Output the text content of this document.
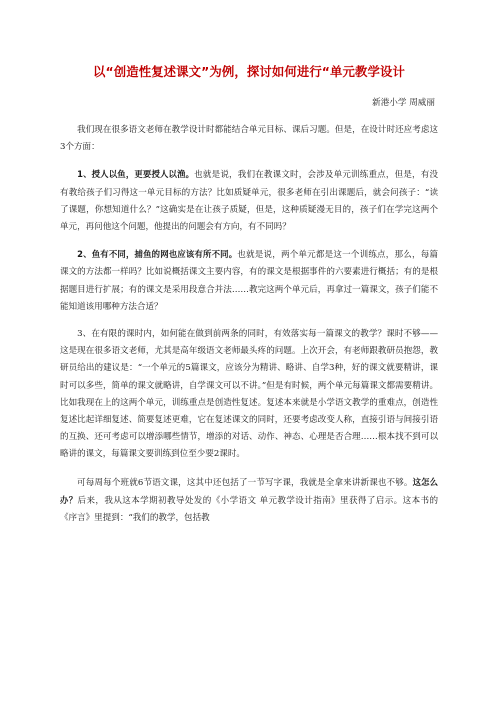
以“创造性复述课文”为例，探讨如何进行“单元教学设计
新港小学 周威丽

我们现在很多语文老师在教学设计时都能结合单元目标、课后习题。但是，在设计时还应考虑这3个方面：

1、授人以鱼，更要授人以渔。也就是说，我们在教课文时，会涉及单元训练重点，但是，有没有教给孩子们习得这一单元目标的方法？比如质疑单元，很多老师在引出课题后，就会问孩子：“读了课题，你想知道什么？”这确实是在让孩子质疑，但是，这种质疑漫无目的，孩子们在学完这两个单元，再问他这个问题，他提出的问题会有方向，有不同吗？

2、鱼有不同，捕鱼的网也应该有所不同。也就是说，两个单元都是这一个训练点，那么，每篇课文的方法都一样吗？比如说概括课文主要内容，有的课文是根据事件的六要素进行概括；有的是根据题目进行扩展；有的课文是采用段意合并法……教完这两个单元后，再拿过一篇课文，孩子们能不能知道该用哪种方法合适？

3、在有限的课时内，如何能在做到前两条的同时，有效落实每一篇课文的教学？课时不够——这是现在很多语文老师，尤其是高年级语文老师最头疼的问题。上次开会，有老师跟教研员抱怨，教研员给出的建议是：“一个单元的5篇课文，应该分为精讲、略讲、自学3种，好的课文就要精讲，课时可以多些，简单的课文就略讲，自学课文可以不讲。”但是有时候，两个单元每篇课文都需要精讲。比如我现在上的这两个单元，训练重点是创造性复述。复述本来就是小学语文教学的重难点，创造性复述比起详细复述、简要复述更难，它在复述课文的同时，还要考虑改变人称，直接引语与间接引语的互换、还可考虑可以增添哪些情节，增添的对话、动作、神态、心理是否合理……根本找不到可以略讲的课文，每篇课文要训练到位至少要2课时。

可每周每个班就6节语文课，这其中还包括了一节写字课，我就是全拿来讲新课也不够。这怎么办？后来，我从这本学期初教导处发的《小学语文 单元教学设计指南》里获得了启示。这本书的《序言》里提到：“我们的教学，包括教
